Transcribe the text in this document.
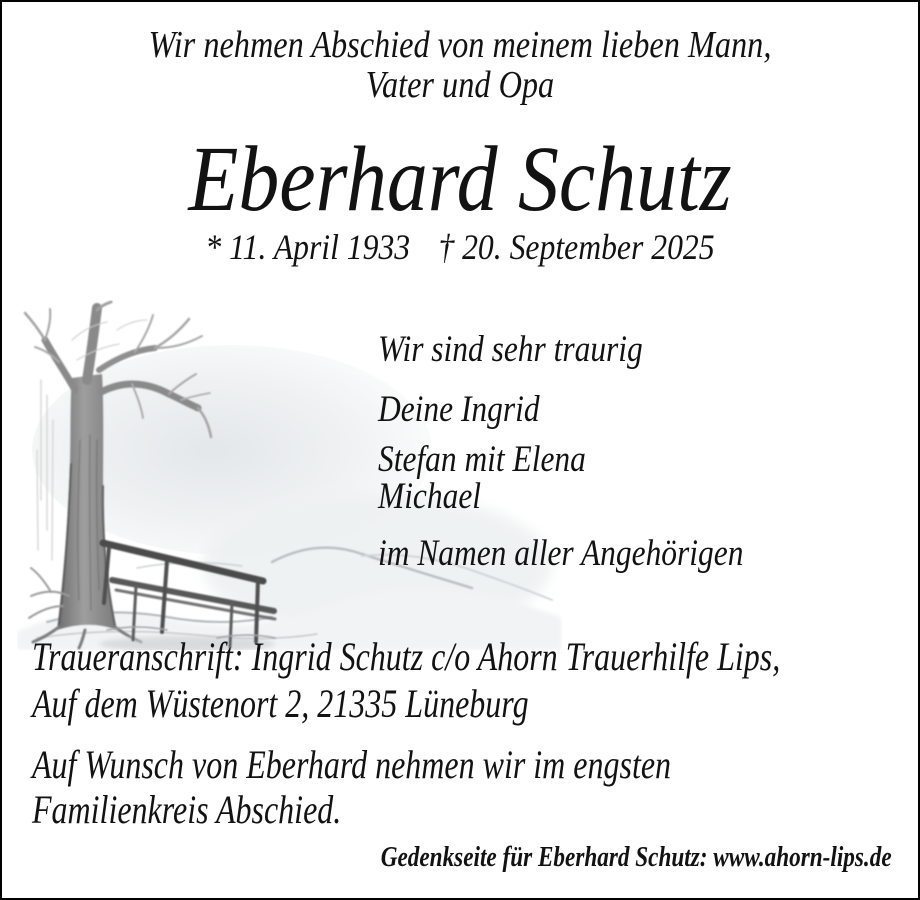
Wir nehmen Abschied von meinem lieben Mann,
Vater und Opa
Eberhard Schutz
* 11. April 1933 † 20. September 2025
Wir sind sehr traurig
Deine Ingrid
Stefan mit Elena
Michael
im Namen aller Angehörigen
Traueranschrift: Ingrid Schutz c/o Ahorn Trauerhilfe Lips,
Auf dem Wüstenort 2, 21335 Lüneburg
Auf Wunsch von Eberhard nehmen wir im engsten
Familienkreis Abschied.
Gedenkseite für Eberhard Schutz: www.ahorn-lips.de
